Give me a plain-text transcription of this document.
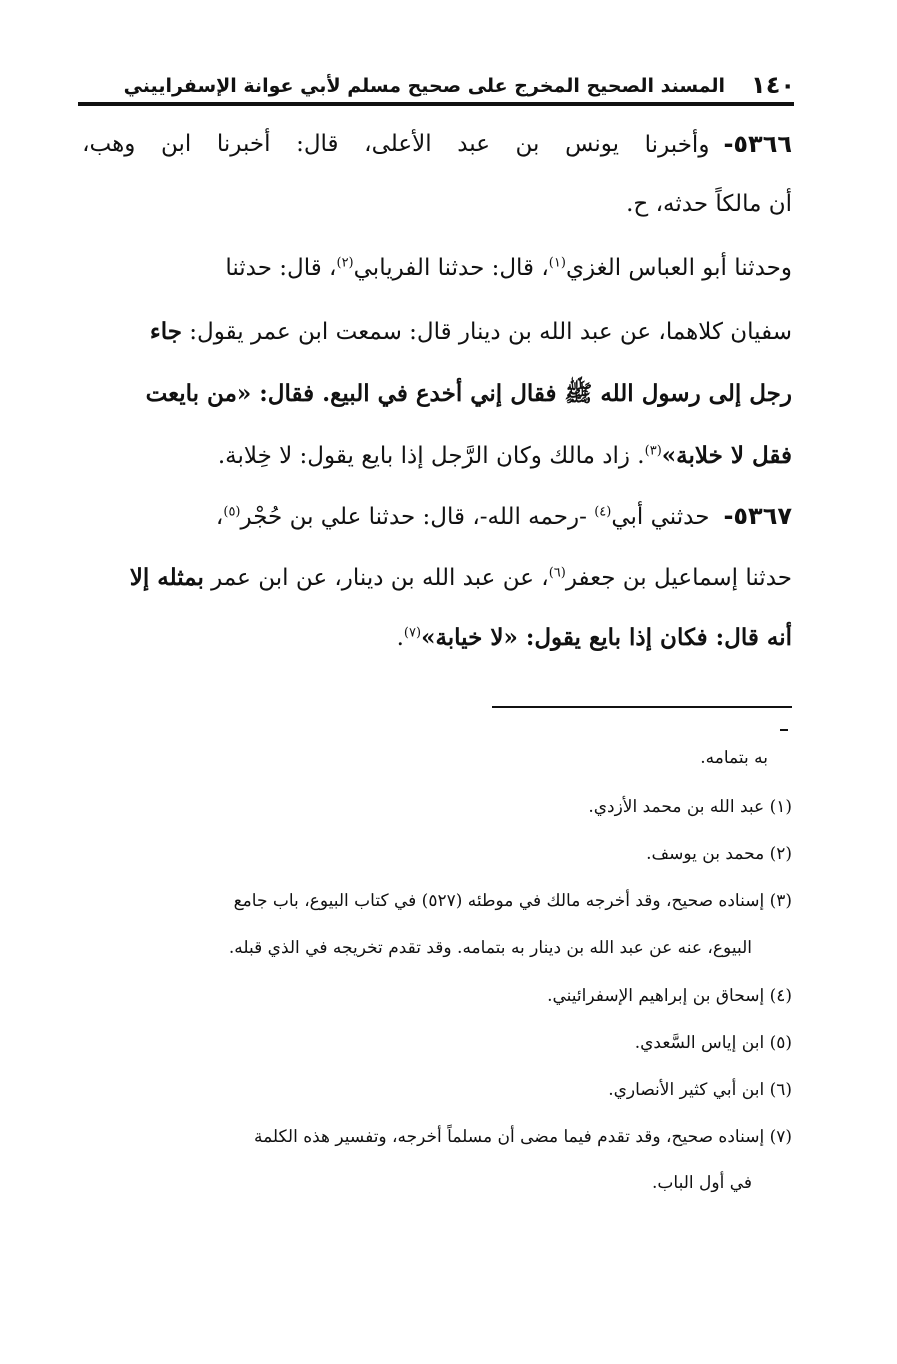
١٤٠
المسند الصحيح المخرج على صحيح مسلم لأبي عوانة الإسفراييني
٥٣٦٦-وأخبرنا
يونس
بن
عبد
الأعلى،
قال:
أخبرنا
ابن
وهب،
أن مالكاً حدثه، ح.
وحدثنا أبو العباس الغزي$^{(١)}$، قال: حدثنا الفريابي$^{(٢)}$، قال: حدثنا
سفيان كلاهما، عن عبد الله بن دينار قال: سمعت ابن عمر يقول: جاء
رجل إلى رسول الله ﷺ فقال إني أخدع في البيع. فقال: «من بايعت
فقل لا خلابة»$^{(٣)}$. زاد مالك وكان الرَّجل إذا بايع يقول: لا خِلابة.
٥٣٦٧-حدثني أبي$^{(٤)}$ -رحمه الله-، قال: حدثنا علي بن حُجْر$^{(٥)}$،
حدثنا إسماعيل بن جعفر$^{(٦)}$، عن عبد الله بن دينار، عن ابن عمر بمثله إلا
أنه قال: فكان إذا بايع يقول: «لا خيابة»$^{(٧)}$.
به بتمامه.
(١) عبد الله بن محمد الأزدي.
(٢) محمد بن يوسف.
(٣) إسناده صحيح، وقد أخرجه مالك في موطئه (٥٢٧) في كتاب البيوع، باب جامع
البيوع، عنه عن عبد الله بن دينار به بتمامه. وقد تقدم تخريجه في الذي قبله.
(٤) إسحاق بن إبراهيم الإسفرائيني.
(٥) ابن إياس السَّعدي.
(٦) ابن أبي كثير الأنصاري.
(٧) إسناده صحيح، وقد تقدم فيما مضى أن مسلماً أخرجه، وتفسير هذه الكلمة
في أول الباب.
